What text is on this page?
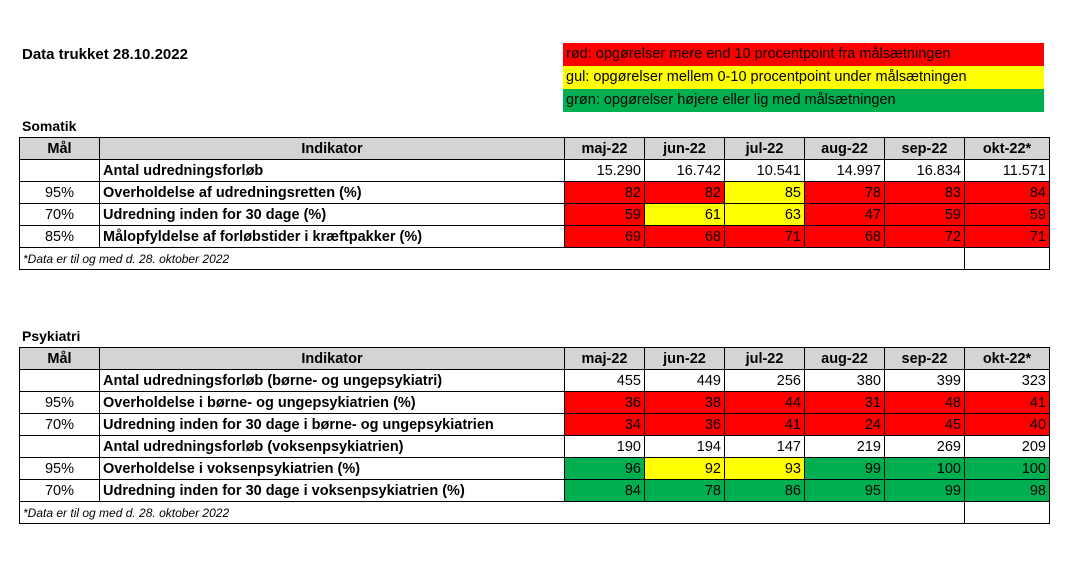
Data trukket 28.10.2022	rød: opgørelser mere end 10 procentpoint fra målsætningen
gul: opgørelser mellem 0-10 procentpoint under målsætningen
grøn: opgørelser højere eller lig med målsætningen
Somatik
Mål	Indikator	maj-22	jun-22	jul-22	aug-22	sep-22	okt-22*
	Antal udredningsforløb	15.290	16.742	10.541	14.997	16.834	11.571
95%	Overholdelse af udredningsretten (%)	82	82	85	78	83	84
70%	Udredning inden for 30 dage (%)	59	61	63	47	59	59
85%	Målopfyldelse af forløbstider i kræftpakker (%)	69	68	71	68	72	71
*Data er til og med d. 28. oktober 2022							
Psykiatri
Mål	Indikator	maj-22	jun-22	jul-22	aug-22	sep-22	okt-22*
	Antal udredningsforløb (børne- og ungepsykiatri)	455	449	256	380	399	323
95%	Overholdelse i børne- og ungepsykiatrien (%)	36	38	44	31	48	41
70%	Udredning inden for 30 dage i børne- og ungepsykiatrien	34	36	41	24	45	40
	Antal udredningsforløb (voksenpsykiatrien)	190	194	147	219	269	209
95%	Overholdelse i voksenpsykiatrien (%)	96	92	93	99	100	100
70%	Udredning inden for 30 dage i voksenpsykiatrien (%)	84	78	86	95	99	98
*Data er til og med d. 28. oktober 2022							
